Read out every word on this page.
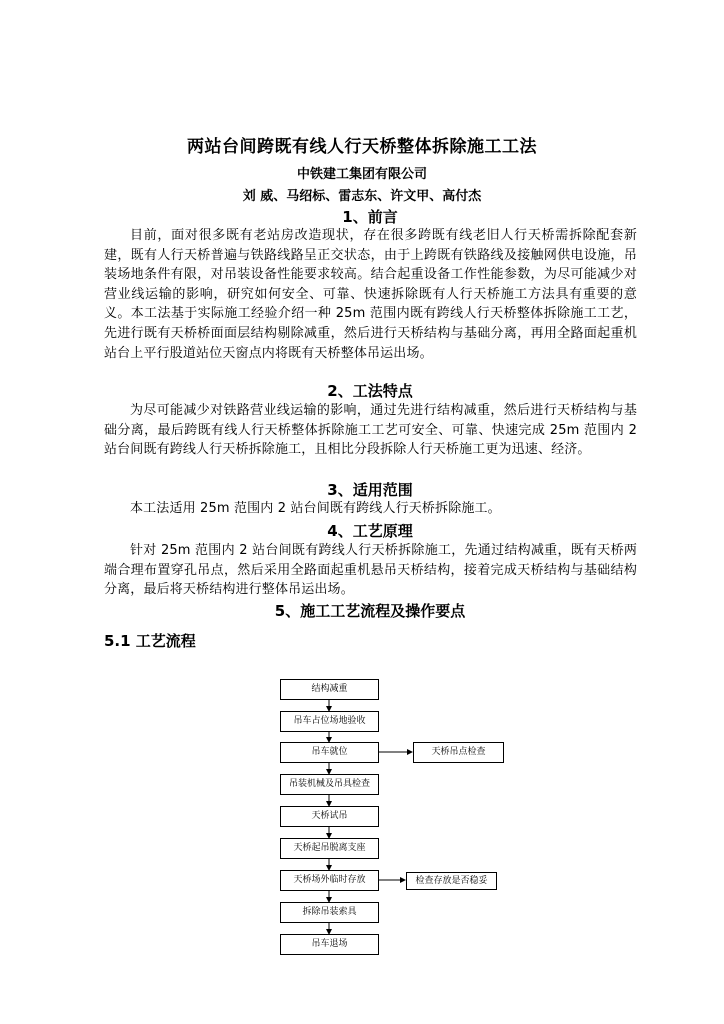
两站台间跨既有线人行天桥整体拆除施工工法
中铁建工集团有限公司
刘 威、马绍标、雷志东、许文甲、高付杰
1、前言
目前，面对很多既有老站房改造现状，存在很多跨既有线老旧人行天桥需拆除配套新建，既有人行天桥普遍与铁路线路呈正交状态，由于上跨既有铁路线及接触网供电设施，吊装场地条件有限，对吊装设备性能要求较高。结合起重设备工作性能参数，为尽可能减少对营业线运输的影响，研究如何安全、可靠、快速拆除既有人行天桥施工方法具有重要的意义。本工法基于实际施工经验介绍一种 25m 范围内既有跨线人行天桥整体拆除施工工艺，先进行既有天桥桥面面层结构剔除减重，然后进行天桥结构与基础分离，再用全路面起重机站台上平行股道站位天窗点内将既有天桥整体吊运出场。
2、工法特点
为尽可能减少对铁路营业线运输的影响，通过先进行结构减重，然后进行天桥结构与基础分离，最后跨既有线人行天桥整体拆除施工工艺可安全、可靠、快速完成 25m 范围内 2 站台间既有跨线人行天桥拆除施工，且相比分段拆除人行天桥施工更为迅速、经济。
3、适用范围
本工法适用 25m 范围内 2 站台间既有跨线人行天桥拆除施工。
4、工艺原理
针对 25m 范围内 2 站台间既有跨线人行天桥拆除施工，先通过结构减重，既有天桥两端合理布置穿孔吊点，然后采用全路面起重机悬吊天桥结构，接着完成天桥结构与基础结构分离，最后将天桥结构进行整体吊运出场。
5、施工工艺流程及操作要点
5.1 工艺流程
结构减重
吊车占位场地验收
吊车就位
吊装机械及吊具检查
天桥试吊
天桥起吊脱离支座
天桥场外临时存放
拆除吊装索具
吊车退场
天桥吊点检查
检查存放是否稳妥
